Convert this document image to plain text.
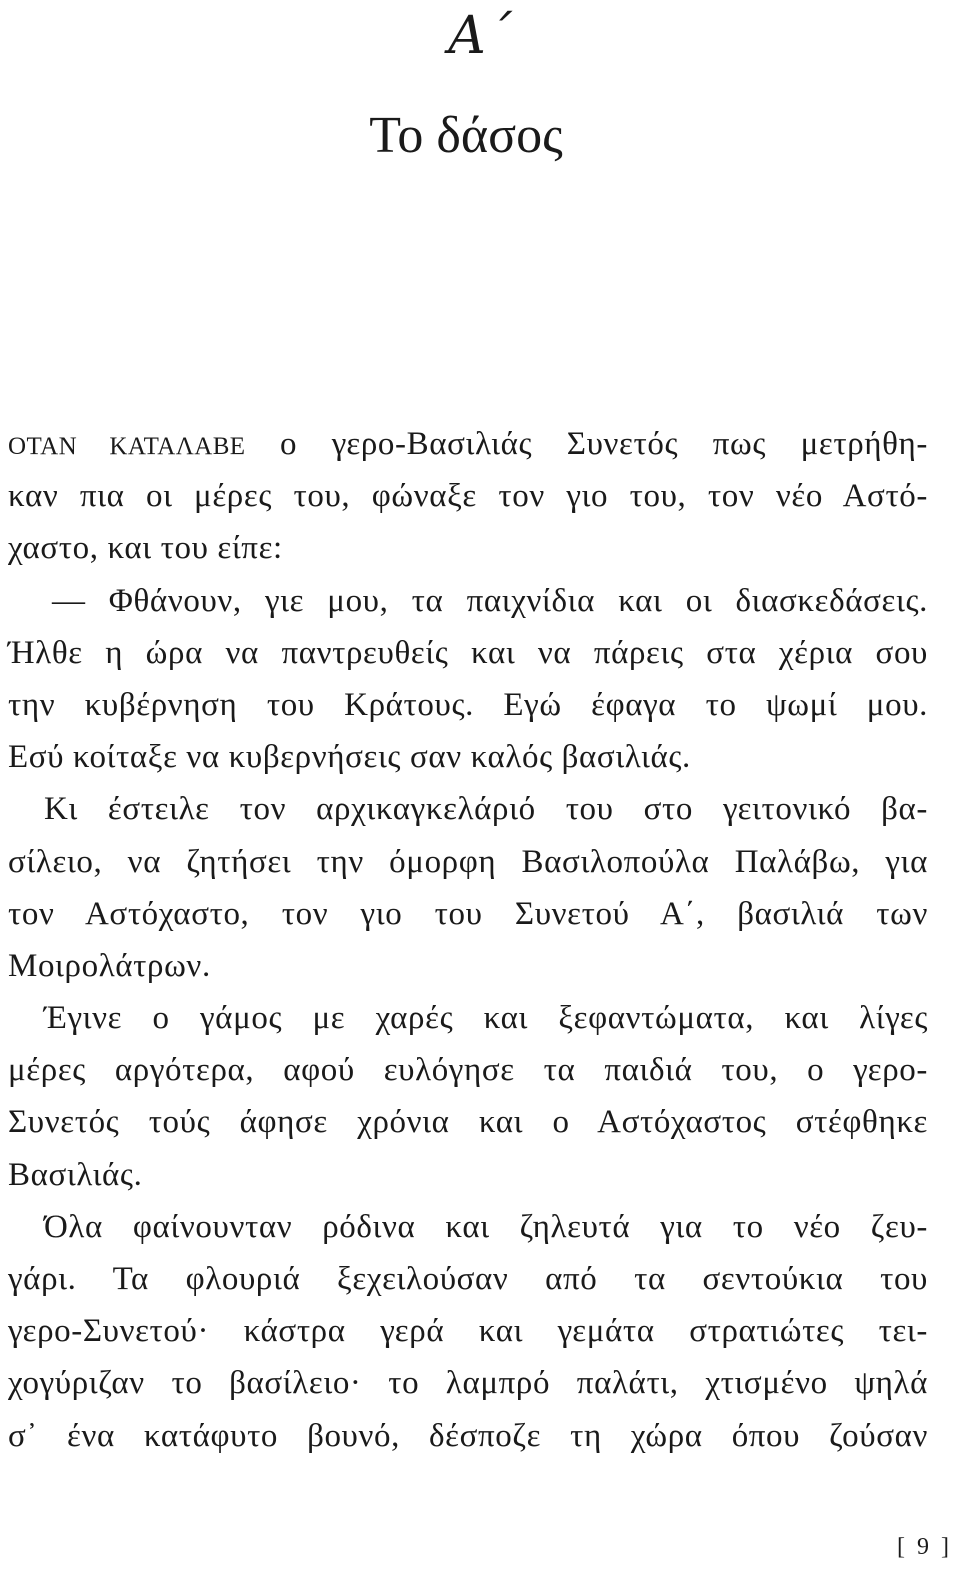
Α΄
Το δάσος
ΟΤΑΝ ΚΑΤΑΛΑΒΕ ο γερο-Βασιλιάς Συνετός πως μετρήθη-
καν πια οι μέρες του, φώναξε τον γιο του, τον νέο Αστό-
χαστο, και του είπε:
— Φθάνουν, γιε μου, τα παιχνίδια και οι διασκεδάσεις.
Ήλθε η ώρα να παντρευθείς και να πάρεις στα χέρια σου
την κυβέρνηση του Κράτους. Εγώ έφαγα το ψωμί μου.
Εσύ κοίταξε να κυβερνήσεις σαν καλός βασιλιάς.
Κι έστειλε τον αρχικαγκελάριό του στο γειτονικό βα-
σίλειο, να ζητήσει την όμορφη Βασιλοπούλα Παλάβω, για
τον Αστόχαστο, τον γιο του Συνετού Α΄, βασιλιά των
Μοιρολάτρων.
Έγινε ο γάμος με χαρές και ξεφαντώματα, και λίγες
μέρες αργότερα, αφού ευλόγησε τα παιδιά του, ο γερο-
Συνετός τούς άφησε χρόνια και ο Αστόχαστος στέφθηκε
Βασιλιάς.
Όλα φαίνουνταν ρόδινα και ζηλευτά για το νέο ζευ-
γάρι. Τα φλουριά ξεχειλούσαν από τα σεντούκια του
γερο-Συνετού· κάστρα γερά και γεμάτα στρατιώτες τει-
χογύριζαν το βασίλειο· το λαμπρό παλάτι, χτισμένο ψηλά
σ᾽ ένα κατάφυτο βουνό, δέσποζε τη χώρα όπου ζούσαν
[ 9 ]
